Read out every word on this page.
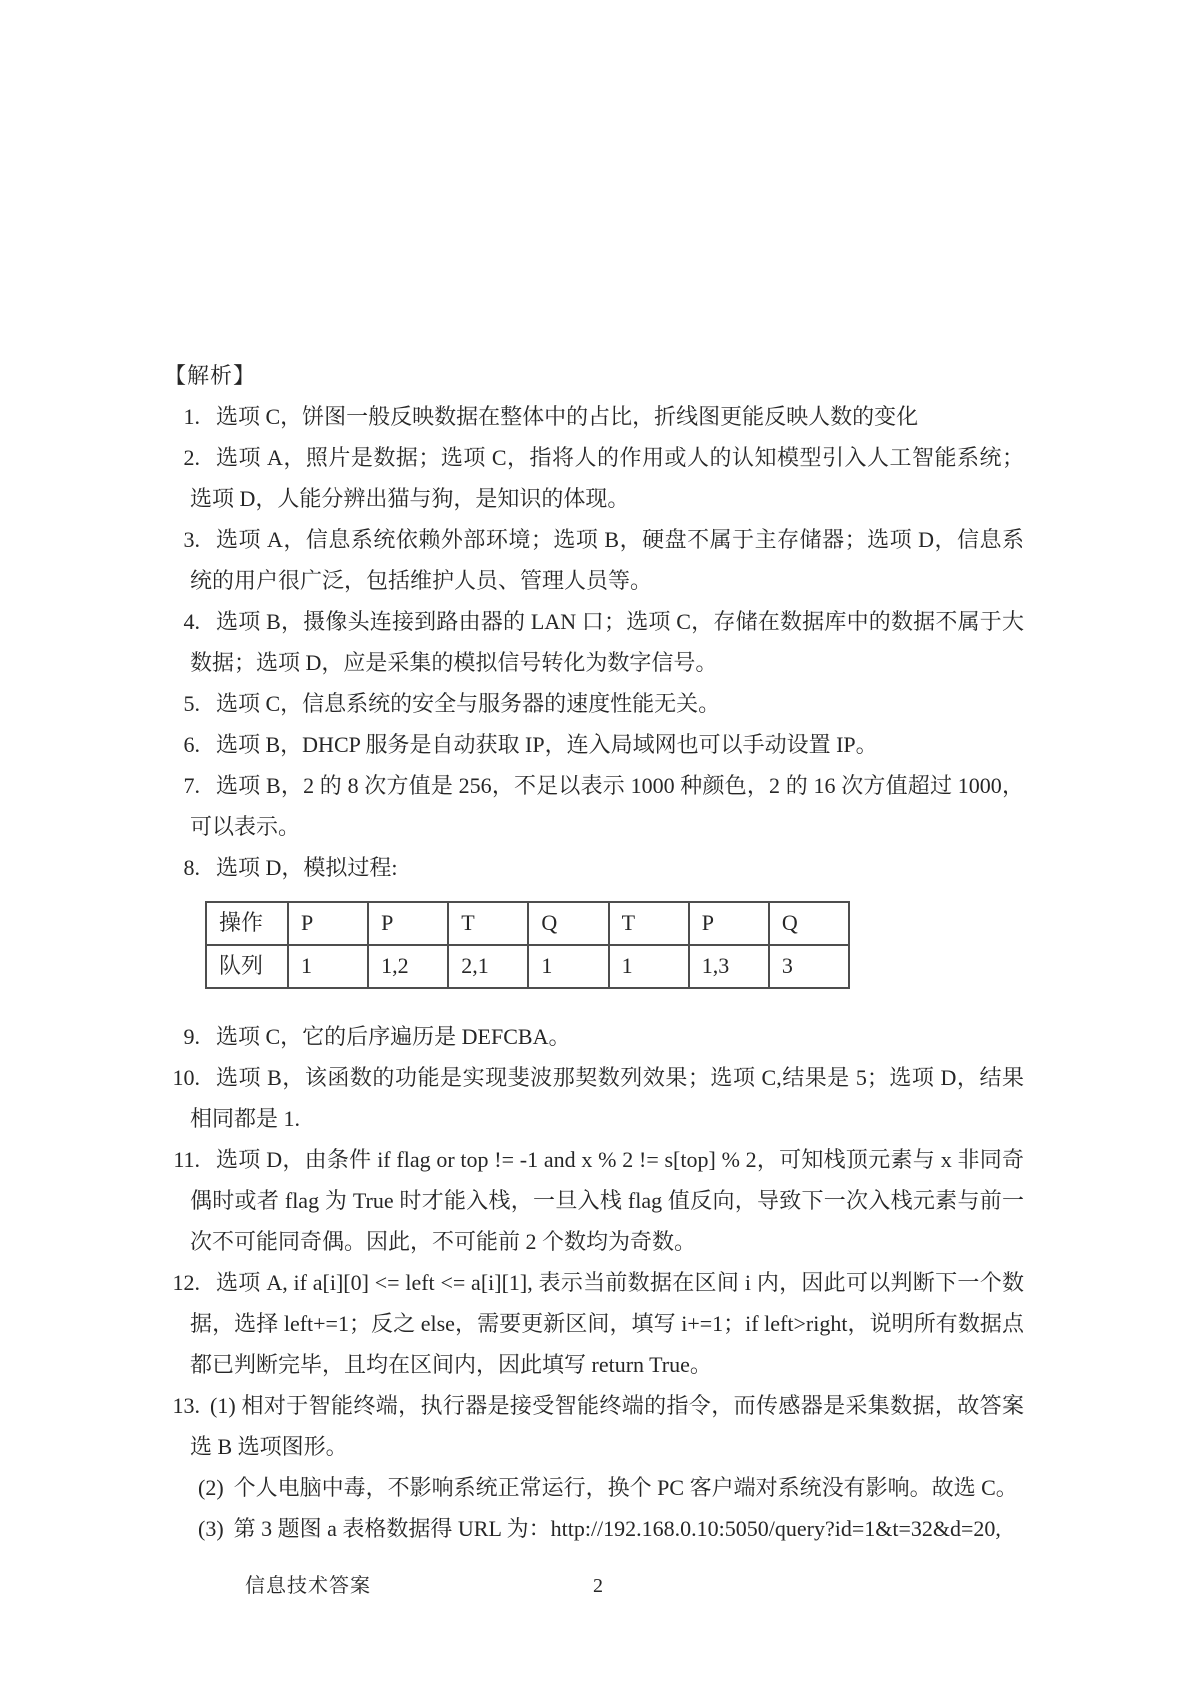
【解析】
1. 选项 C，饼图一般反映数据在整体中的占比，折线图更能反映人数的变化
2. 选项 A，照片是数据；选项 C，指将人的作用或人的认知模型引入人工智能系统；选项 D，人能分辨出猫与狗，是知识的体现。
3. 选项 A，信息系统依赖外部环境；选项 B，硬盘不属于主存储器；选项 D，信息系统的用户很广泛，包括维护人员、管理人员等。
4. 选项 B，摄像头连接到路由器的 LAN 口；选项 C，存储在数据库中的数据不属于大数据；选项 D，应是采集的模拟信号转化为数字信号。
5. 选项 C，信息系统的安全与服务器的速度性能无关。
6. 选项 B，DHCP 服务是自动获取 IP，连入局域网也可以手动设置 IP。
7. 选项 B，2 的 8 次方值是 256，不足以表示 1000 种颜色，2 的 16 次方值超过 1000，可以表示。
8. 选项 D，模拟过程:
操作	P	P	T	Q	T	P	Q
队列	1	1,2	2,1	1	1	1,3	3
9. 选项 C，它的后序遍历是 DEFCBA。
10. 选项 B，该函数的功能是实现斐波那契数列效果；选项 C,结果是 5；选项 D，结果相同都是 1.
11. 选项 D，由条件 if flag or top != -1 and x % 2 != s[top] % 2，可知栈顶元素与 x 非同奇偶时或者 flag 为 True 时才能入栈，一旦入栈 flag 值反向，导致下一次入栈元素与前一次不可能同奇偶。因此，不可能前 2 个数均为奇数。
12. 选项 A, if a[i][0] <= left <= a[i][1], 表示当前数据在区间 i 内，因此可以判断下一个数据，选择 left+=1；反之 else，需要更新区间，填写 i+=1；if left>right，说明所有数据点都已判断完毕，且均在区间内，因此填写 return True。
13. (1) 相对于智能终端，执行器是接受智能终端的指令，而传感器是采集数据，故答案选 B 选项图形。
(2) 个人电脑中毒，不影响系统正常运行，换个 PC 客户端对系统没有影响。故选 C。
(3) 第 3 题图 a 表格数据得 URL 为：http://192.168.0.10:5050/query?id=1&t=32&d=20,
信息技术答案	2
